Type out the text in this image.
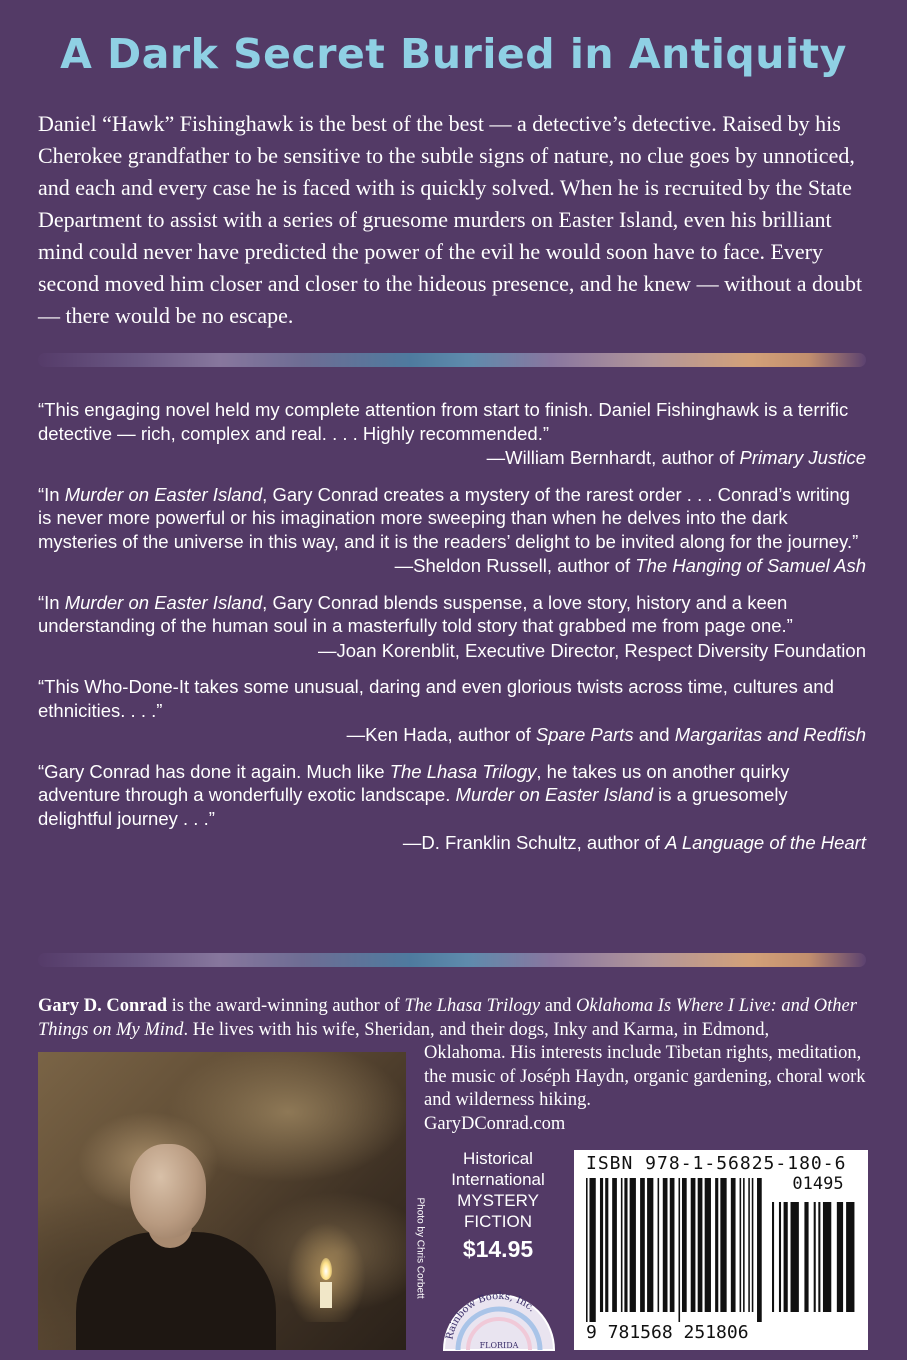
A Dark Secret Buried in Antiquity

Daniel “Hawk” Fishinghawk is the best of the best — a detective’s detective. Raised by his Cherokee grandfather to be sensitive to the subtle signs of nature, no clue goes by unnoticed, and each and every case he is faced with is quickly solved. When he is recruited by the State Department to assist with a series of gruesome murders on Easter Island, even his brilliant mind could never have predicted the power of the evil he would soon have to face. Every second moved him closer and closer to the hideous presence, and he knew — without a doubt — there would be no escape.

“This engaging novel held my complete attention from start to finish. Daniel Fishinghawk is a terrific detective — rich, complex and real. . . . Highly recommended.”

—William Bernhardt, author of Primary Justice

“In Murder on Easter Island, Gary Conrad creates a mystery of the rarest order . . . Conrad’s writing is never more powerful or his imagination more sweeping than when he delves into the dark mysteries of the universe in this way, and it is the readers’ delight to be invited along for the journey.”

—Sheldon Russell, author of The Hanging of Samuel Ash

“In Murder on Easter Island, Gary Conrad blends suspense, a love story, history and a keen understanding of the human soul in a masterfully told story that grabbed me from page one.”

—Joan Korenblit, Executive Director, Respect Diversity Foundation

“This Who-Done-It takes some unusual, daring and even glorious twists across time, cultures and ethnicities. . . .”

—Ken Hada, author of Spare Parts and Margaritas and Redfish

“Gary Conrad has done it again. Much like The Lhasa Trilogy, he takes us on another quirky adventure through a wonderfully exotic landscape. Murder on Easter Island is a gruesomely delightful journey . . .”

—D. Franklin Schultz, author of A Language of the Heart

Gary D. Conrad is the award-winning author of The Lhasa Trilogy and Oklahoma Is Where I Live: and Other Things on My Mind. He lives with his wife, Sheridan, and their dogs, Inky and Karma, in Edmond,

Oklahoma. His interests include Tibetan rights, meditation, the music of Joséph Haydn, organic gardening, choral work and wilderness hiking.
GaryDConrad.com

Photo by Chris Corbett
Historical
International
MYSTERY
FICTION
$14.95
Rainbow Books, Inc.
FLORIDA
ISBN 978-1-56825-180-6
01495
9 781568 251806
